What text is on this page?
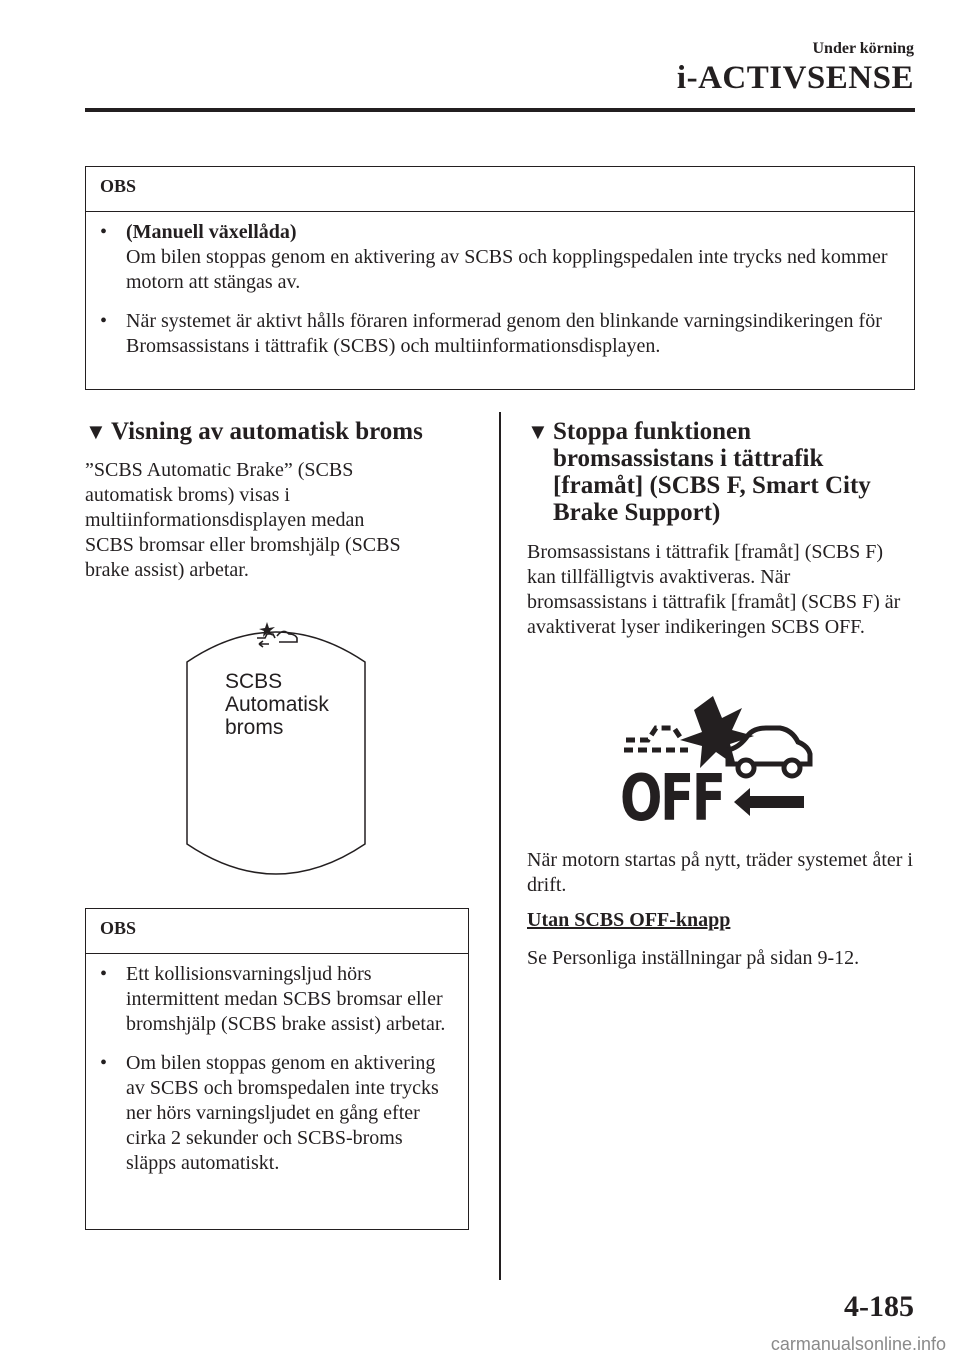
Under körning
i-ACTIVSENSE
OBS
• (Manuell växellåda)
Om bilen stoppas genom en aktivering av SCBS och kopplingspedalen inte trycks ned kommer motorn att stängas av.
• När systemet är aktivt hålls föraren informerad genom den blinkande varningsindikeringen för Bromsassistans i tättrafik (SCBS) och multiinformationsdisplayen.
▼ Visning av automatisk broms
”SCBS Automatic Brake” (SCBS automatisk broms) visas i multiinformationsdisplayen medan SCBS bromsar eller bromshjälp (SCBS brake assist) arbetar.
SCBS
Automatisk
broms
OBS
• Ett kollisionsvarningsljud hörs intermittent medan SCBS bromsar eller bromshjälp (SCBS brake assist) arbetar.
• Om bilen stoppas genom en aktivering av SCBS och bromspedalen inte trycks ner hörs varningsljudet en gång efter cirka 2 sekunder och SCBS-broms släpps automatiskt.
▼ Stoppa funktionen bromsassistans i tättrafik [framåt] (SCBS F, Smart City Brake Support)
Bromsassistans i tättrafik [framåt] (SCBS F) kan tillfälligtvis avaktiveras. När bromsassistans i tättrafik [framåt] (SCBS F) är avaktiverat lyser indikeringen SCBS OFF.
OFF
När motorn startas på nytt, träder systemet åter i drift.
Utan SCBS OFF-knapp
Se Personliga inställningar på sidan 9-12.
4-185
carmanualsonline.info
